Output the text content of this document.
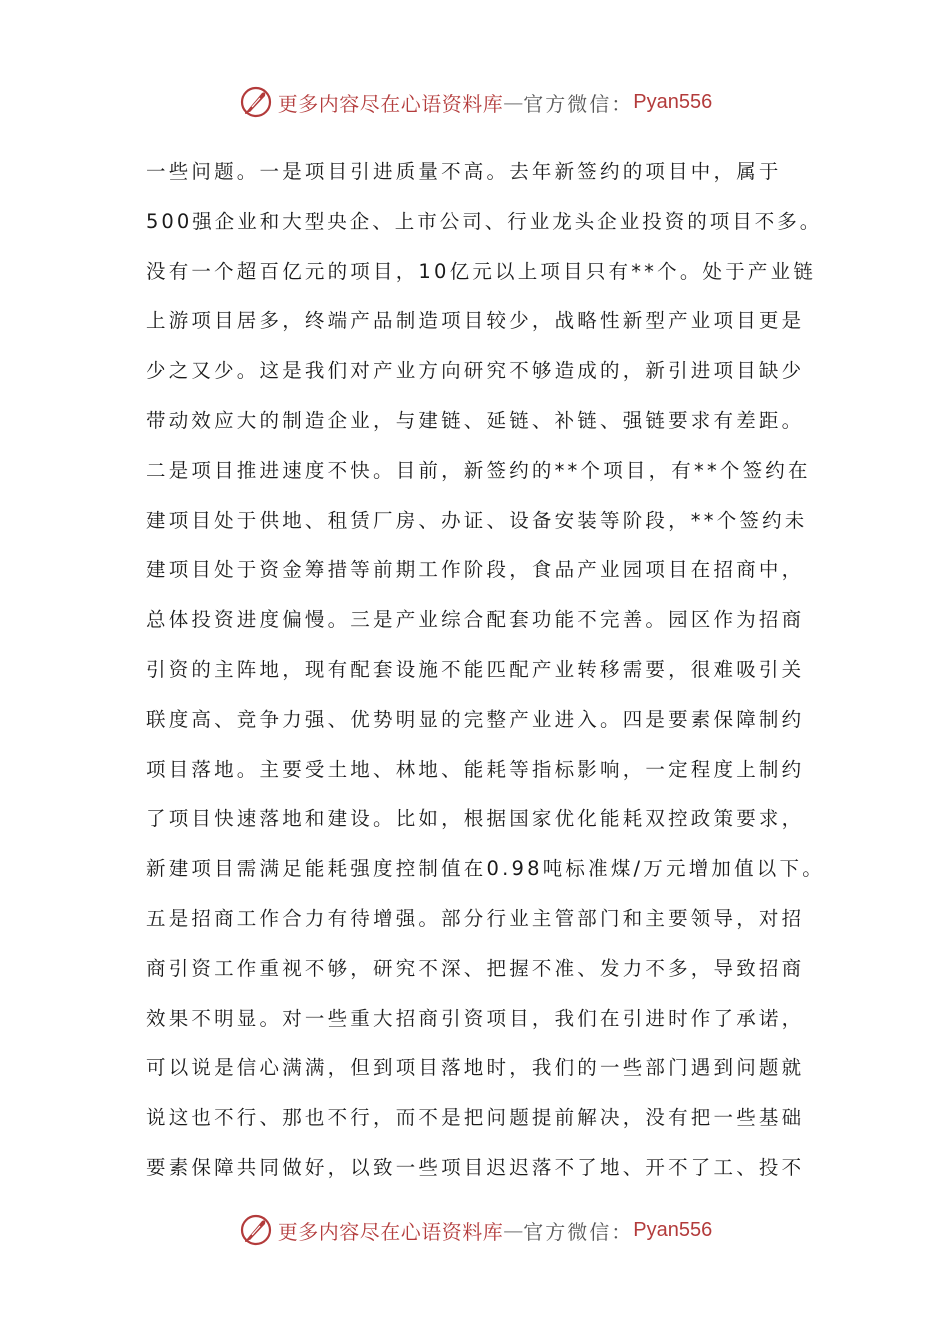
更多内容尽在心语资料库 — 官方微信： Pyan556
一些问题。一是项目引进质量不高。去年新签约的项目中，属于
500强企业和大型央企、上市公司、行业龙头企业投资的项目不多。
没有一个超百亿元的项目，10亿元以上项目只有**个。处于产业链
上游项目居多，终端产品制造项目较少，战略性新型产业项目更是
少之又少。这是我们对产业方向研究不够造成的，新引进项目缺少
带动效应大的制造企业，与建链、延链、补链、强链要求有差距。
二是项目推进速度不快。目前，新签约的**个项目，有**个签约在
建项目处于供地、租赁厂房、办证、设备安装等阶段，**个签约未
建项目处于资金筹措等前期工作阶段，食品产业园项目在招商中，
总体投资进度偏慢。三是产业综合配套功能不完善。园区作为招商
引资的主阵地，现有配套设施不能匹配产业转移需要，很难吸引关
联度高、竞争力强、优势明显的完整产业进入。四是要素保障制约
项目落地。主要受土地、林地、能耗等指标影响，一定程度上制约
了项目快速落地和建设。比如，根据国家优化能耗双控政策要求，
新建项目需满足能耗强度控制值在0.98吨标准煤/万元增加值以下。
五是招商工作合力有待增强。部分行业主管部门和主要领导，对招
商引资工作重视不够，研究不深、把握不准、发力不多，导致招商
效果不明显。对一些重大招商引资项目，我们在引进时作了承诺，
可以说是信心满满，但到项目落地时，我们的一些部门遇到问题就
说这也不行、那也不行，而不是把问题提前解决，没有把一些基础
要素保障共同做好，以致一些项目迟迟落不了地、开不了工、投不
更多内容尽在心语资料库 — 官方微信： Pyan556
